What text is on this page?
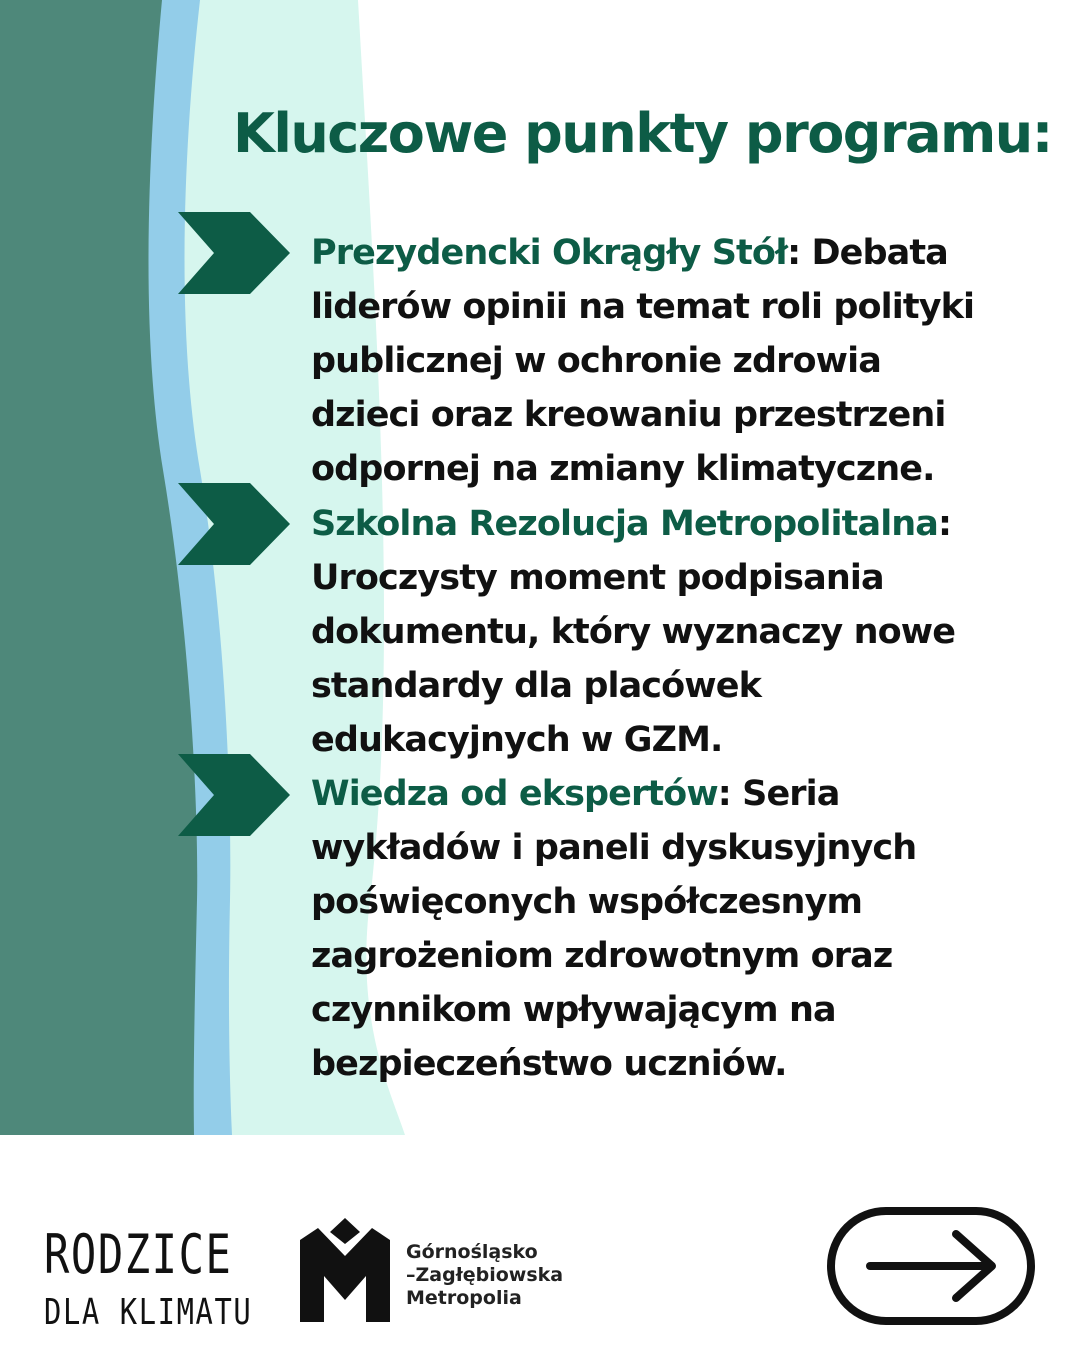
Kluczowe punkty programu:

Prezydencki Okrągły Stół: Debata liderów opinii na temat roli polityki publicznej w ochronie zdrowia dzieci oraz kreowaniu przestrzeni odpornej na zmiany klimatyczne.

Szkolna Rezolucja Metropolitalna: Uroczysty moment podpisania dokumentu, który wyznaczy nowe standardy dla placówek edukacyjnych w GZM.

Wiedza od ekspertów: Seria wykładów i paneli dyskusyjnych poświęconych współczesnym zagrożeniom zdrowotnym oraz czynnikom wpływającym na bezpieczeństwo uczniów.

RODZICE
DLA KLIMATU
Górnośląsko
–Zagłębiowska
Metropolia
